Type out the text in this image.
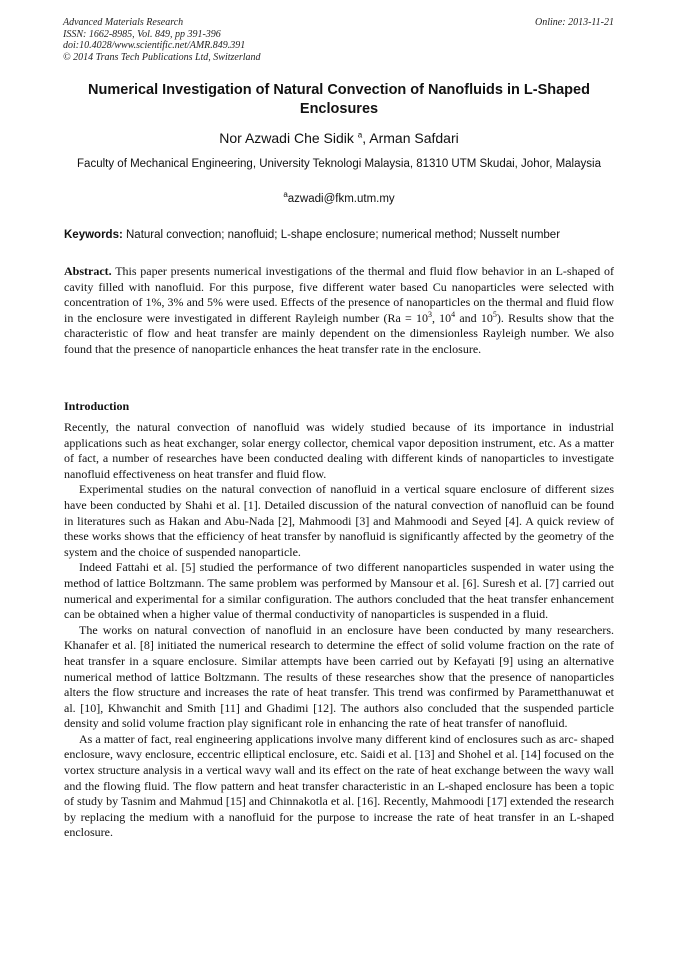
Advanced Materials Research
ISSN: 1662-8985, Vol. 849, pp 391-396
doi:10.4028/www.scientific.net/AMR.849.391
© 2014 Trans Tech Publications Ltd, Switzerland
Online: 2013-11-21
Numerical Investigation of Natural Convection of Nanofluids in L-Shaped Enclosures
Nor Azwadi Che Sidik $^a$, Arman Safdari
Faculty of Mechanical Engineering, University Teknologi Malaysia, 81310 UTM Skudai, Johor, Malaysia
$^a$azwadi@fkm.utm.my
Keywords: Natural convection; nanofluid; L-shape enclosure; numerical method; Nusselt number

Abstract. This paper presents numerical investigations of the thermal and fluid flow behavior in an L-shaped of cavity filled with nanofluid. For this purpose, five different water based Cu nanoparticles were selected with concentration of 1%, 3% and 5% were used. Effects of the presence of nanoparticles on the thermal and fluid flow in the enclosure were investigated in different Rayleigh number ($Ra = 10^3$, $10^4$ and $10^5$). Results show that the characteristic of flow and heat transfer are mainly dependent on the dimensionless Rayleigh number. We also found that the presence of nanoparticle enhances the heat transfer rate in the enclosure.

Introduction

Recently, the natural convection of nanofluid was widely studied because of its importance in industrial applications such as heat exchanger, solar energy collector, chemical vapor deposition instrument, etc. As a matter of fact, a number of researches have been conducted dealing with different kinds of nanoparticles to investigate nanofluid effectiveness on heat transfer and fluid flow.

Experimental studies on the natural convection of nanofluid in a vertical square enclosure of different sizes have been conducted by Shahi et al. [1]. Detailed discussion of the natural convection of nanofluid can be found in literatures such as Hakan and Abu-Nada [2], Mahmoodi [3] and Mahmoodi and Seyed [4]. A quick review of these works shows that the efficiency of heat transfer by nanofluid is significantly affected by the geometry of the system and the choice of suspended nanoparticle.

Indeed Fattahi et al. [5] studied the performance of two different nanoparticles suspended in water using the method of lattice Boltzmann. The same problem was performed by Mansour et al. [6]. Suresh et al. [7] carried out numerical and experimental for a similar configuration. The authors concluded that the heat transfer enhancement can be obtained when a higher value of thermal conductivity of nanoparticles is suspended in a fluid.

The works on natural convection of nanofluid in an enclosure have been conducted by many researchers. Khanafer et al. [8] initiated the numerical research to determine the effect of solid volume fraction on the rate of heat transfer in a square enclosure. Similar attempts have been carried out by Kefayati [9] using an alternative numerical method of lattice Boltzmann. The results of these researches show that the presence of nanoparticles alters the flow structure and increases the rate of heat transfer. This trend was confirmed by Parametthanuwat et al. [10], Khwanchit and Smith [11] and Ghadimi [12]. The authors also concluded that the suspended particle density and solid volume fraction play significant role in enhancing the rate of heat transfer of nanofluid.

As a matter of fact, real engineering applications involve many different kind of enclosures such as arc- shaped enclosure, wavy enclosure, eccentric elliptical enclosure, etc. Saidi et al. [13] and Shohel et al. [14] focused on the vortex structure analysis in a vertical wavy wall and its effect on the rate of heat exchange between the wavy wall and the flowing fluid. The flow pattern and heat transfer characteristic in an L-shaped enclosure has been a topic of study by Tasnim and Mahmud [15] and Chinnakotla et al. [16]. Recently, Mahmoodi [17] extended the research by replacing the medium with a nanofluid for the purpose to increase the rate of heat transfer in an L-shaped enclosure.
